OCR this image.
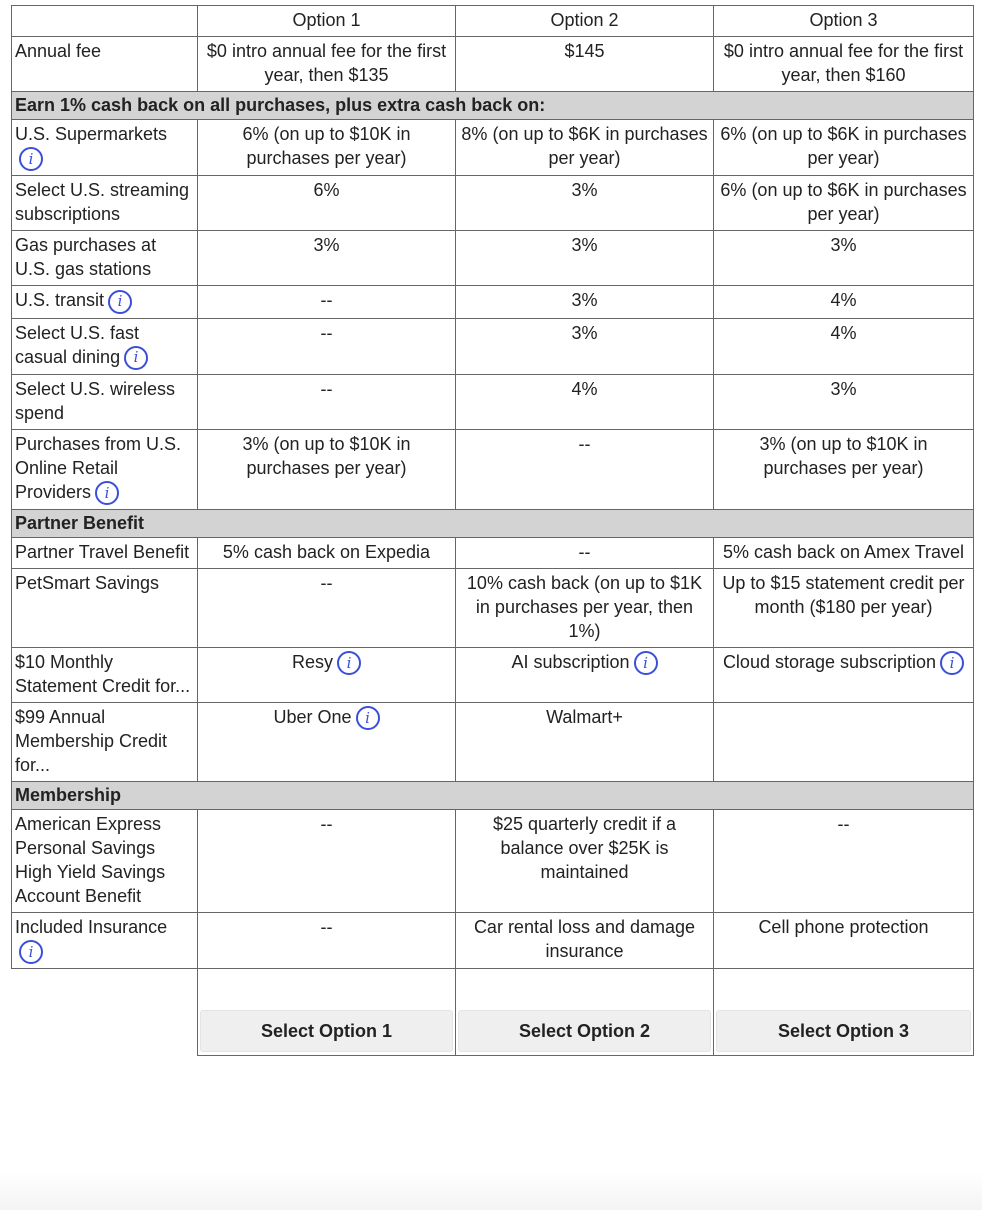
	Option 1	Option 2	Option 3
Annual fee	$0 intro annual fee for the first year, then $135	$145	$0 intro annual fee for the first year, then $160
Earn 1% cash back on all purchases, plus extra cash back on:			
U.S. Supermarketsi	6% (on up to $10K in purchases per year)	8% (on up to $6K in purchases per year)	6% (on up to $6K in purchases per year)
Select U.S. streaming subscriptions	6%	3%	6% (on up to $6K in purchases per year)
Gas purchases at U.S. gas stations	3%	3%	3%
U.S. transit i	--	3%	4%
Select U.S. fast casual dining i	--	3%	4%
Select U.S. wireless spend	--	4%	3%
Purchases from U.S. Online Retail Providers i	3% (on up to $10K in purchases per year)	--	3% (on up to $10K in purchases per year)
Partner Benefit			
Partner Travel Benefit	5% cash back on Expedia	--	5% cash back on Amex Travel
PetSmart Savings	--	10% cash back (on up to $1K in purchases per year, then 1%)	Up to $15 statement credit per month ($180 per year)
$10 Monthly Statement Credit for...	Resy i	AI subscription i	Cloud storage subscription i
$99 Annual Membership Credit for...	Uber One i	Walmart+	
Membership			
American Express Personal Savings High Yield Savings Account Benefit	--	$25 quarterly credit if a balance over $25K is maintained	--
Included Insurancei	--	Car rental loss and damage insurance	Cell phone protection

	Select Option 1	Select Option 2	Select Option 3
